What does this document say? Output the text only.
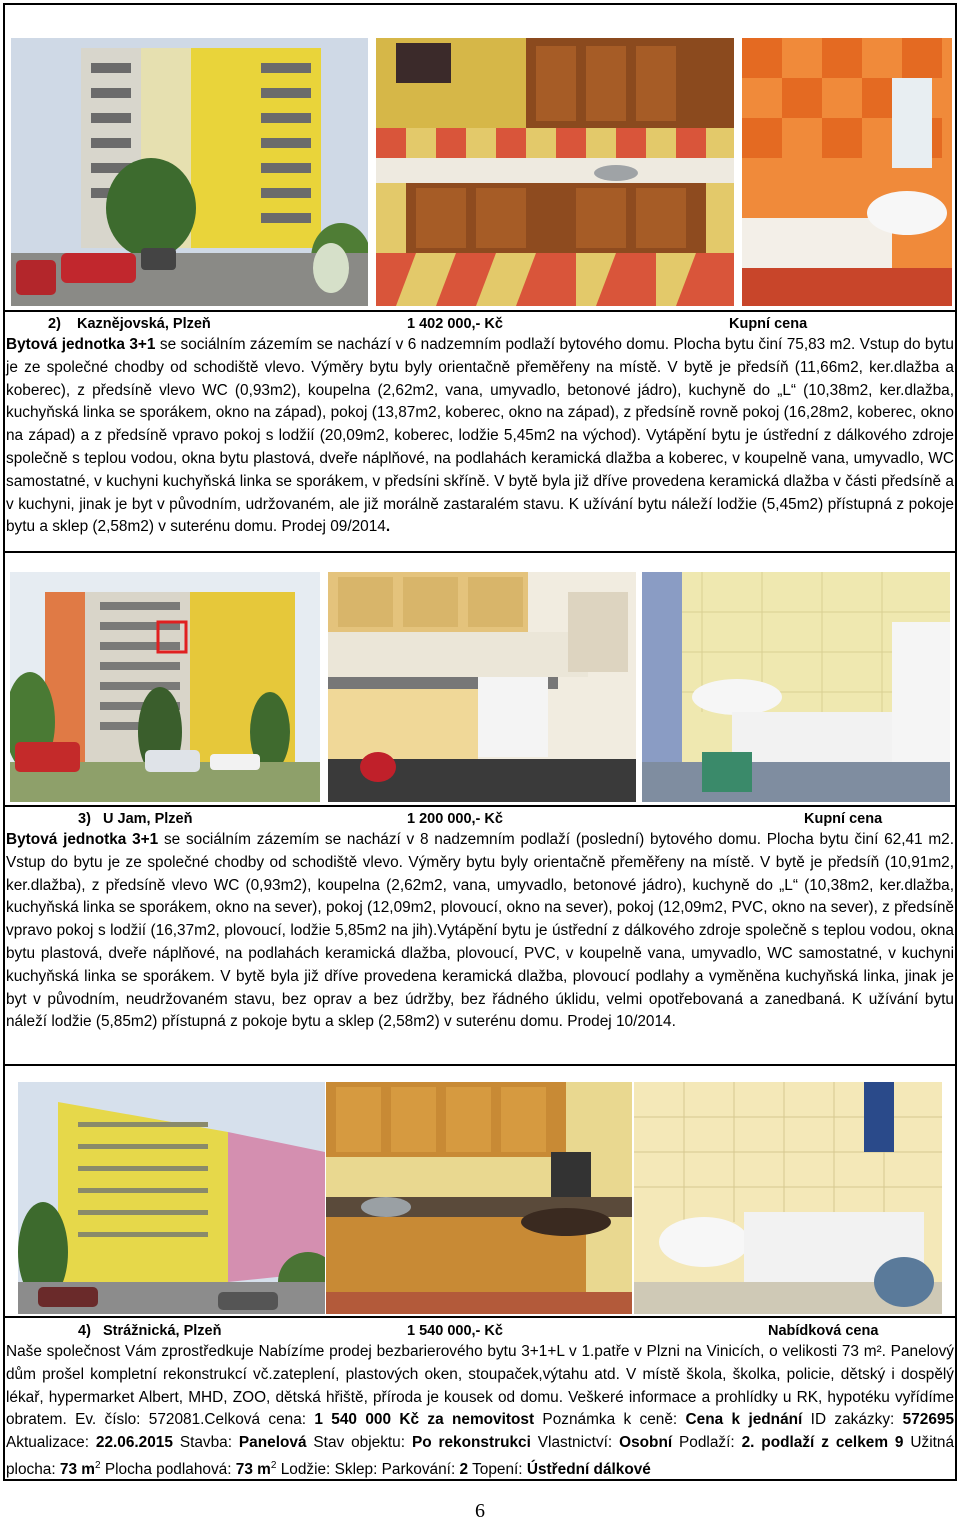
2) Kaznějovská, Plzeň	1 402 000,- Kč	Kupní cena

Bytová jednotka 3+1 se sociálním zázemím se nachází v 6 nadzemním podlaží bytového domu. Plocha bytu činí 75,83 m2. Vstup do bytu je ze společné chodby od schodiště vlevo. Výměry bytu byly orientačně přeměřeny na místě. V bytě je předsíň (11,66m2, ker.dlažba a koberec), z předsíně vlevo WC (0,93m2), koupelna (2,62m2, vana, umyvadlo, betonové jádro), kuchyně do „L“ (10,38m2, ker.dlažba, kuchyňská linka se sporákem, okno na západ), pokoj (13,87m2, koberec, okno na západ), z předsíně rovně pokoj (16,28m2, koberec, okno na západ) a z předsíně vpravo pokoj s lodžií (20,09m2, koberec, lodžie 5,45m2 na východ). Vytápění bytu je ústřední z dálkového zdroje společně s teplou vodou, okna bytu plastová, dveře náplňové, na podlahách keramická dlažba a koberec, v koupelně vana, umyvadlo, WC samostatné, v kuchyni kuchyňská linka se sporákem, v předsíni skříně. V bytě byla již dříve provedena keramická dlažba v části předsíně a v kuchyni, jinak je byt v původním, udržovaném, ale již morálně zastaralém stavu. K užívání bytu náleží lodžie (5,45m2) přístupná z pokoje bytu a sklep (2,58m2) v suterénu domu. Prodej 09/2014.

3) U Jam, Plzeň	1 200 000,- Kč	Kupní cena

Bytová jednotka 3+1 se sociálním zázemím se nachází v 8 nadzemním podlaží (poslední) bytového domu. Plocha bytu činí 62,41 m2. Vstup do bytu je ze společné chodby od schodiště vlevo. Výměry bytu byly orientačně přeměřeny na místě. V bytě je předsíň (10,91m2, ker.dlažba), z předsíně vlevo WC (0,93m2), koupelna (2,62m2, vana, umyvadlo, betonové jádro), kuchyně do „L“ (10,38m2, ker.dlažba, kuchyňská linka se sporákem, okno na sever), pokoj (12,09m2, plovoucí, okno na sever), pokoj (12,09m2, PVC, okno na sever), z předsíně vpravo pokoj s lodžií (16,37m2, plovoucí, lodžie 5,85m2 na jih).Vytápění bytu je ústřední z dálkového zdroje společně s teplou vodou, okna bytu plastová, dveře náplňové, na podlahách keramická dlažba, plovoucí, PVC, v koupelně vana, umyvadlo, WC samostatné, v kuchyni kuchyňská linka se sporákem. V bytě byla již dříve provedena keramická dlažba, plovoucí podlahy a vyměněna kuchyňská linka, jinak je byt v původním, neudržovaném stavu, bez oprav a bez údržby, bez řádného úklidu, velmi opotřebovaná a zanedbaná. K užívání bytu náleží lodžie (5,85m2) přístupná z pokoje bytu a sklep (2,58m2) v suterénu domu. Prodej 10/2014.

4) Strážnická, Plzeň	1 540 000,- Kč	Nabídková cena

Naše společnost Vám zprostředkuje Nabízíme prodej bezbarierového bytu 3+1+L v 1.patře v Plzni na Vinicích, o velikosti 73 m². Panelový dům prošel kompletní rekonstrukcí vč.zateplení, plastových oken, stoupaček,výtahu atd. V místě škola, školka, policie, dětský i dospělý lékař, hypermarket Albert, MHD, ZOO, dětská hřiště, příroda je kousek od domu. Veškeré informace a prohlídky u RK, hypotéku vyřídíme obratem. Ev. číslo: 572081.Celková cena: 1 540 000 Kč za nemovitost Poznámka k ceně: Cena k jednání ID zakázky: 572695 Aktualizace: 22.06.2015 Stavba: Panelová Stav objektu: Po rekonstrukci Vlastnictví: Osobní Podlaží: 2. podlaží z celkem 9 Užitná plocha: 73 $m^2$ Plocha podlahová: 73 $m^2$ Lodžie: Sklep: Parkování: 2 Topení: Ústřední dálkové

6
